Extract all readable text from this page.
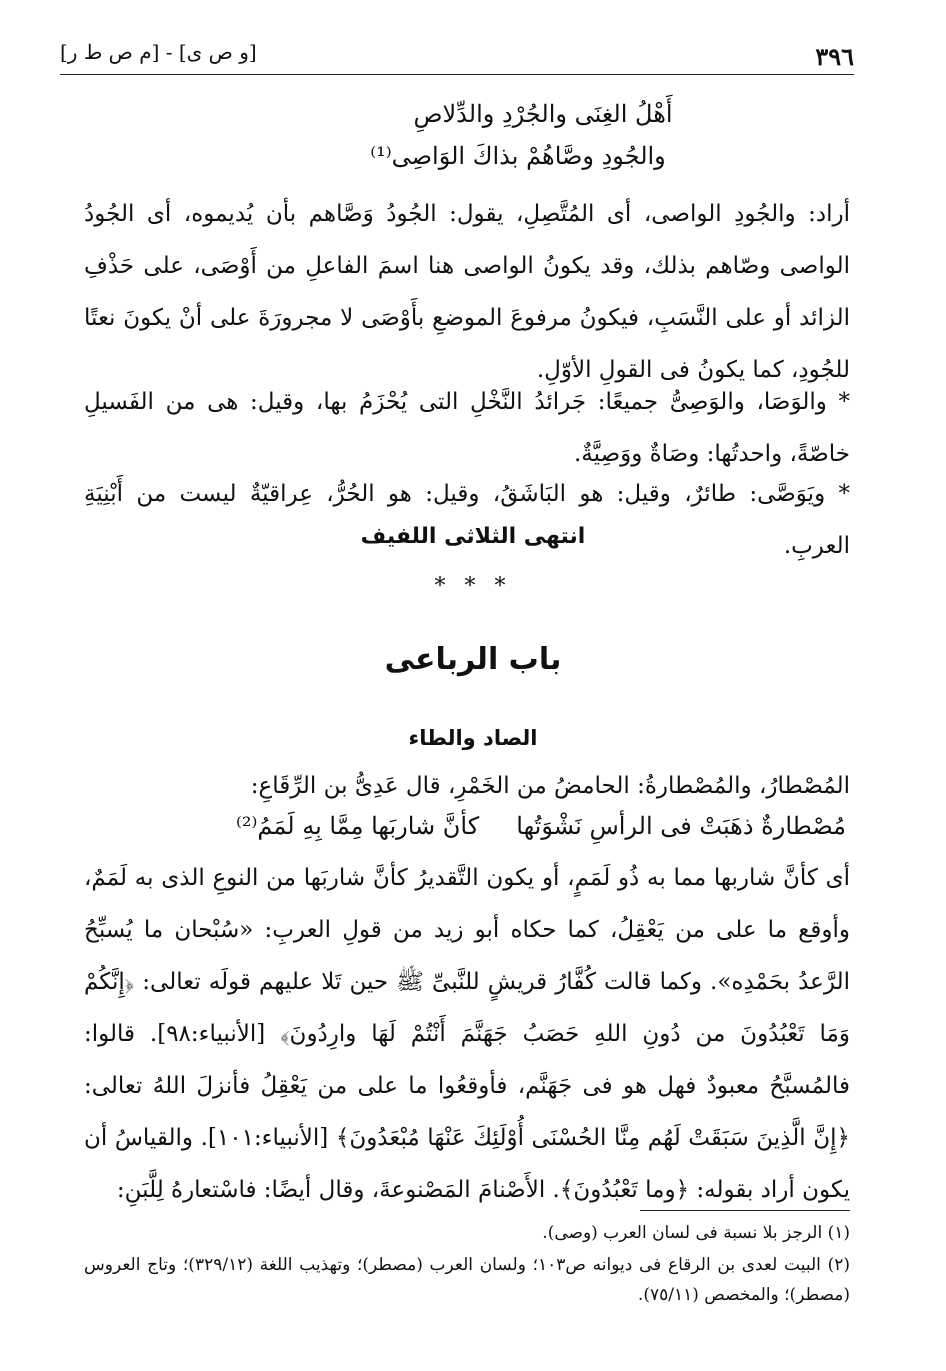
٣٩٦
[و ص ى] - [م ص ط ر]
أَهْلُ الغِنَى والجُرْدِ والدِّلاصِ
والجُودِ وصَّاهُمْ بذاكَ الوَاصِى⁽¹⁾
أراد: والجُودِ الواصى، أى المُتَّصِلِ، يقول: الجُودُ وَصَّاهم بأن يُديموه، أى الجُودُ الواصى وصّاهم بذلك، وقد يكونُ الواصى هنا اسمَ الفاعلِ من أَوْصَى، على حَذْفِ الزائد أو على النَّسَبِ، فيكونُ مرفوعَ الموضعِ بأَوْصَى لا مجرورَةَ على أنْ يكونَ نعتًا للجُودِ، كما يكونُ فى القولِ الأوّلِ.
* والوَصَا، والوَصِىُّ جميعًا: جَرائدُ النَّخْلِ التى يُحْزَمُ بها، وقيل: هى من الفَسيلِ خاصّةً، واحدتُها: وصَاةٌ ووَصِيَّةٌ.
* ويَوَصَّى: طائرٌ، وقيل: هو البَاشَقُ، وقيل: هو الحُرُّ، عِراقيّةٌ ليست من أَبْنِيَةِ العربِ.
انتهى الثلاثى اللفيف
* * *
باب الرباعى
الصاد والطاء
المُصْطارُ، والمُصْطارةُ: الحامضُ من الخَمْرِ، قال عَدِىُّ بن الرِّقَاعِ:
مُصْطارةٌ ذهَبَتْ فى الرأسِ نَشْوَتُها
كأنَّ شاربَها مِمَّا بِهِ لَمَمُ⁽²⁾
أى كأنَّ شاربها مما به ذُو لَمَمٍ، أو يكون التَّقديرُ كأنَّ شاربَها من النوعِ الذى به لَمَمٌ، وأوقع ما على من يَعْقِلُ، كما حكاه أبو زيد من قولِ العربِ: «سُبْحان ما يُسبِّحُ الرَّعدُ بحَمْدِه». وكما قالت كُفَّارُ قريشٍ للنَّبىِّ ﷺ حين تَلا عليهم قولَه تعالى: ﴿إِنَّكُمْ وَمَا تَعْبُدُونَ من دُونِ اللهِ حَصَبُ جَهَنَّمَ أَنْتُمْ لَهَا وارِدُونَ﴾ [الأنبياء:٩٨]. قالوا: فالمُسبَّحُ معبودٌ فهل هو فى جَهَنَّم، فأوقعُوا ما على من يَعْقِلُ فأنزلَ اللهُ تعالى: ﴿إِنَّ الَّذِينَ سَبَقَتْ لَهُم مِنَّا الحُسْنَى أُوْلَئِكَ عَنْهَا مُبْعَدُونَ﴾ [الأنبياء:١٠١]. والقياسُ أن يكون أراد بقوله: ﴿وما تَعْبُدُونَ﴾. الأَصْنامَ المَصْنوعةَ، وقال أيضًا: فاسْتعارهُ لِلَّبَنِ:
(١) الرجز بلا نسبة فى لسان العرب (وصى).
(٢) البيت لعدى بن الرقاع فى ديوانه ص١٠٣؛ ولسان العرب (مصطر)؛ وتهذيب اللغة (٣٢٩/١٢)؛ وتاج العروس (مصطر)؛ والمخصص (٧٥/١١).
